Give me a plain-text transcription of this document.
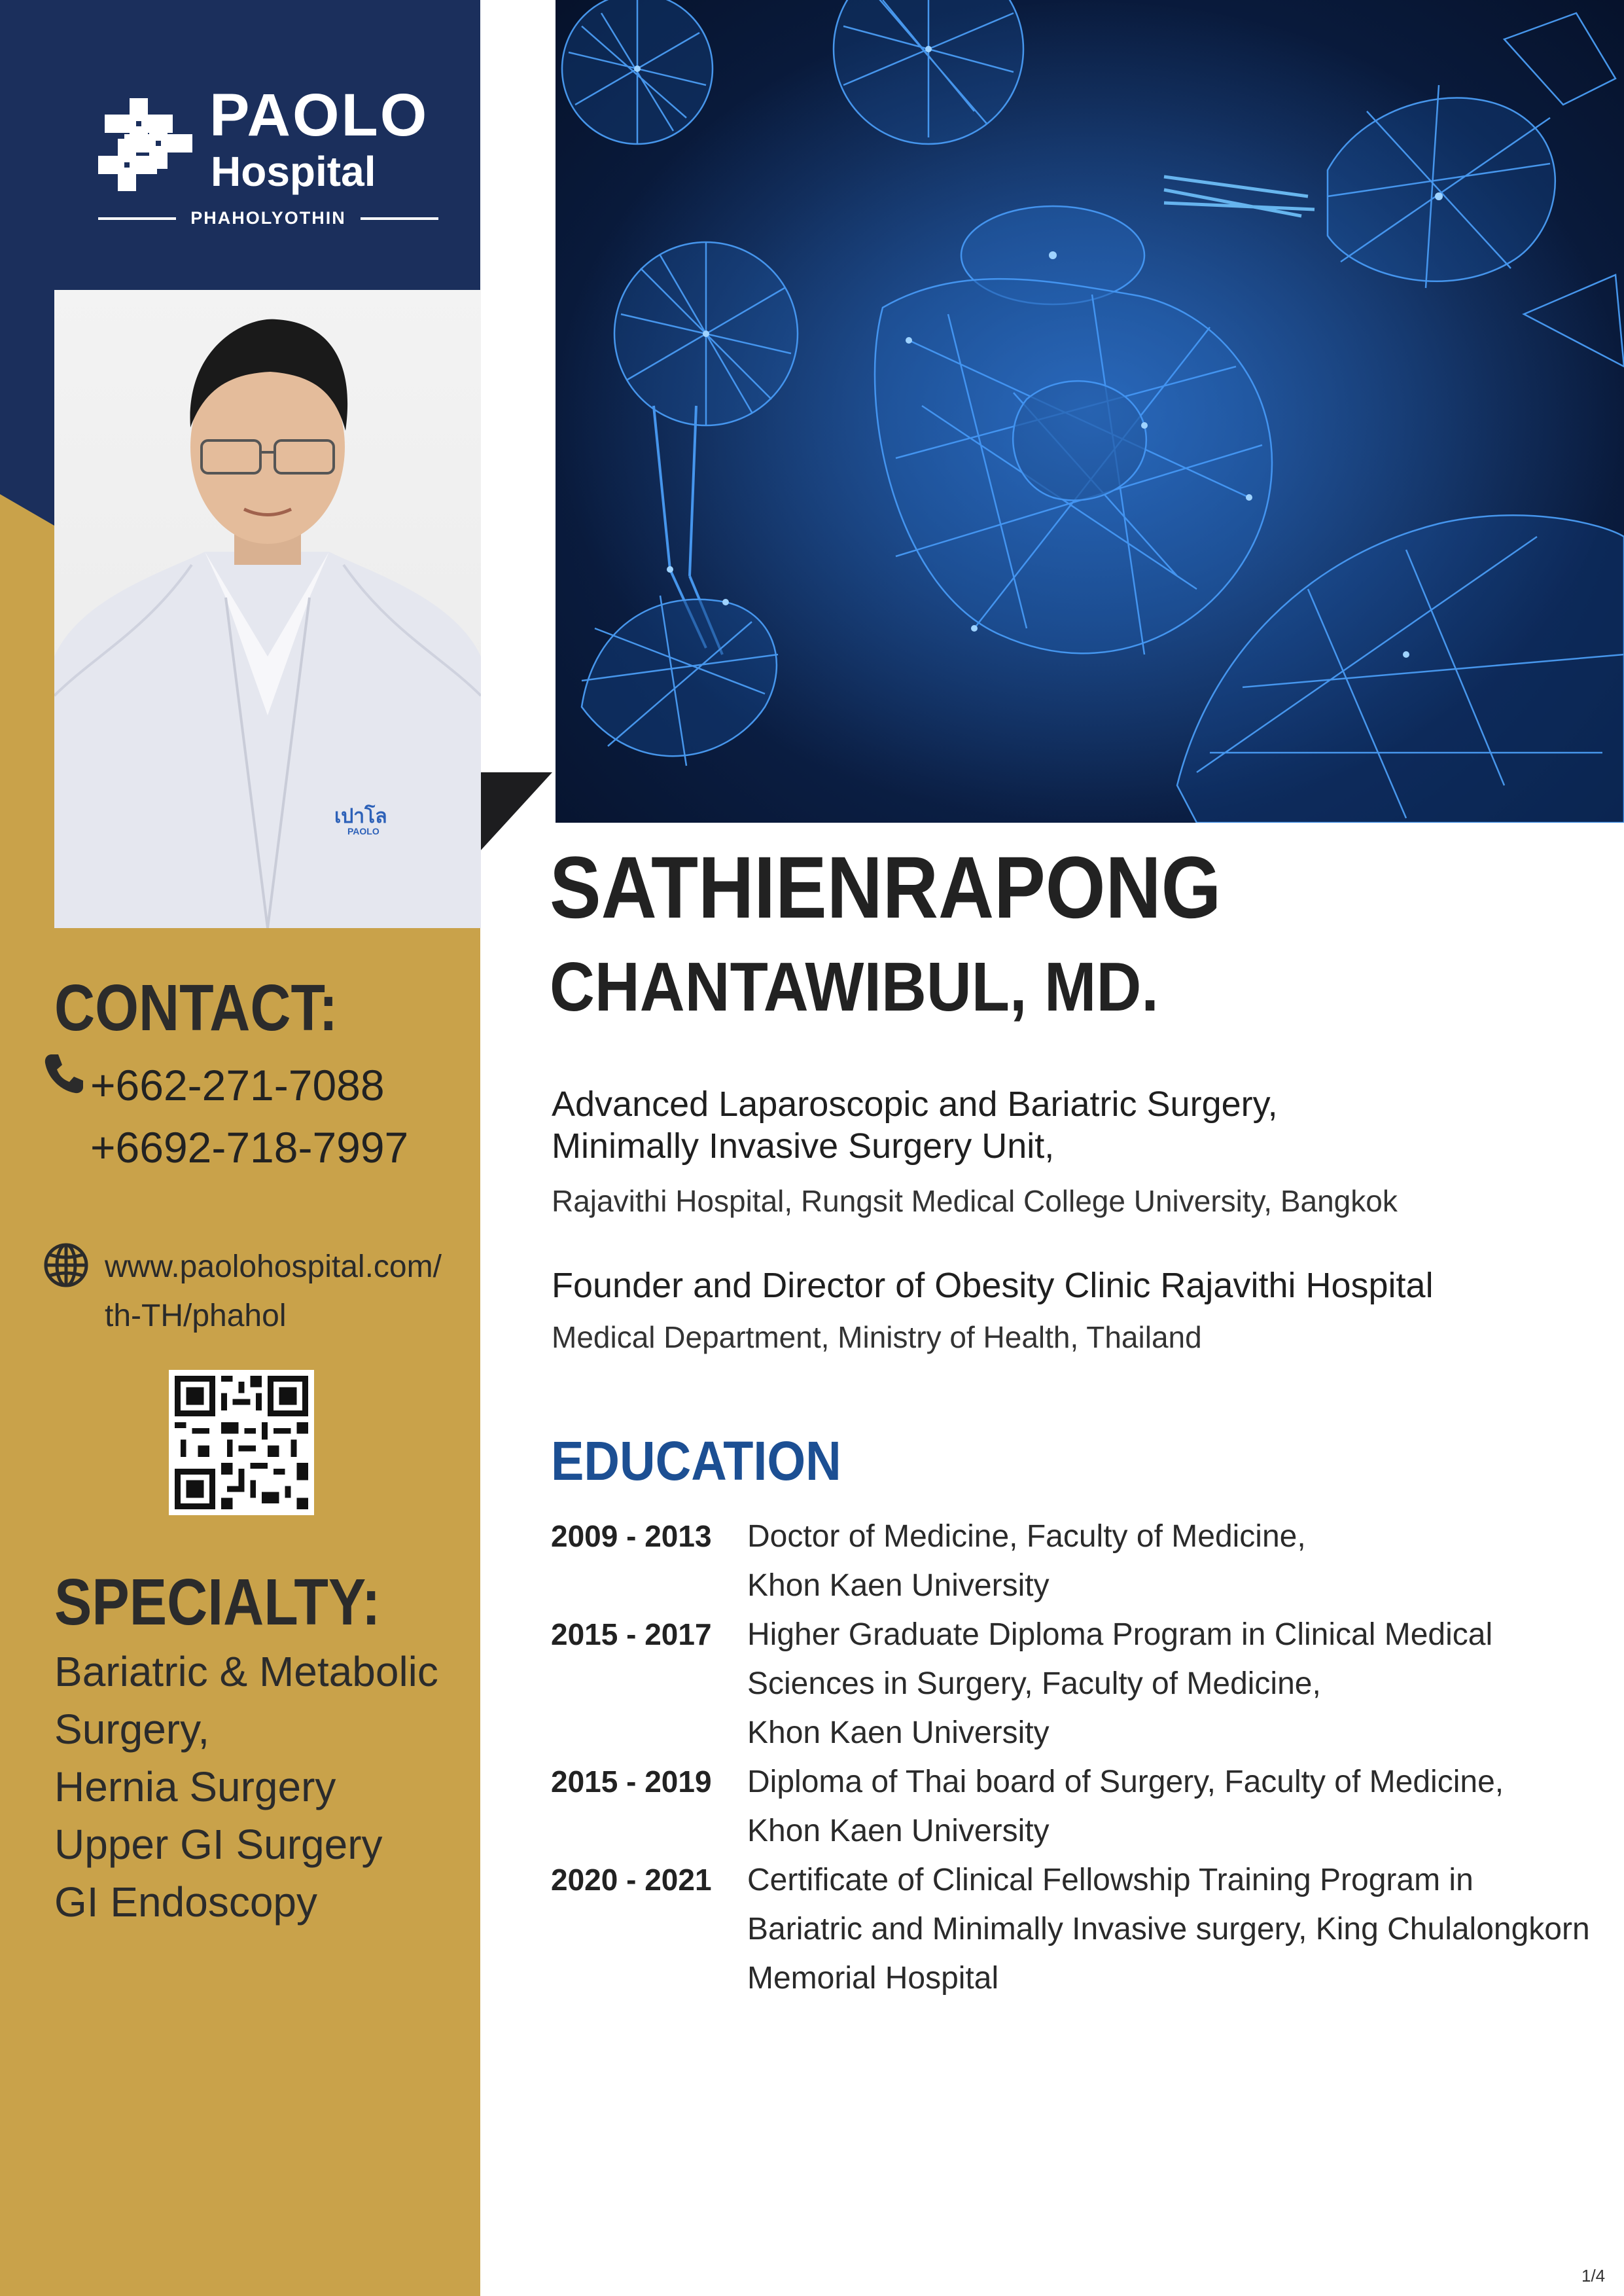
PAOLO
Hospital
PHAHOLYOTHIN
เปาโล
PAOLO
CONTACT:
+662-271-7088
+6692-718-7997
www.paolohospital.com/
th-TH/phahol
SPECIALTY:
Bariatric & Metabolic
Surgery,
Hernia Surgery
Upper GI Surgery
GI Endoscopy
SATHIENRAPONG
CHANTAWIBUL, MD.
Advanced Laparoscopic and Bariatric Surgery,
Minimally Invasive Surgery Unit,
Rajavithi Hospital, Rungsit Medical College University, Bangkok
Founder and Director of Obesity Clinic Rajavithi Hospital
Medical Department, Ministry of Health, Thailand
EDUCATION
2009 - 2013	Doctor of Medicine, Faculty of Medicine,
Khon Kaen University
2015 - 2017	Higher Graduate Diploma Program in Clinical Medical
Sciences in Surgery, Faculty of Medicine,
Khon Kaen University
2015 - 2019	Diploma of Thai board of Surgery, Faculty of Medicine,
Khon Kaen University
2020 - 2021	Certificate of Clinical Fellowship Training Program in
Bariatric and Minimally Invasive surgery, King Chulalongkorn
Memorial Hospital
1/4
